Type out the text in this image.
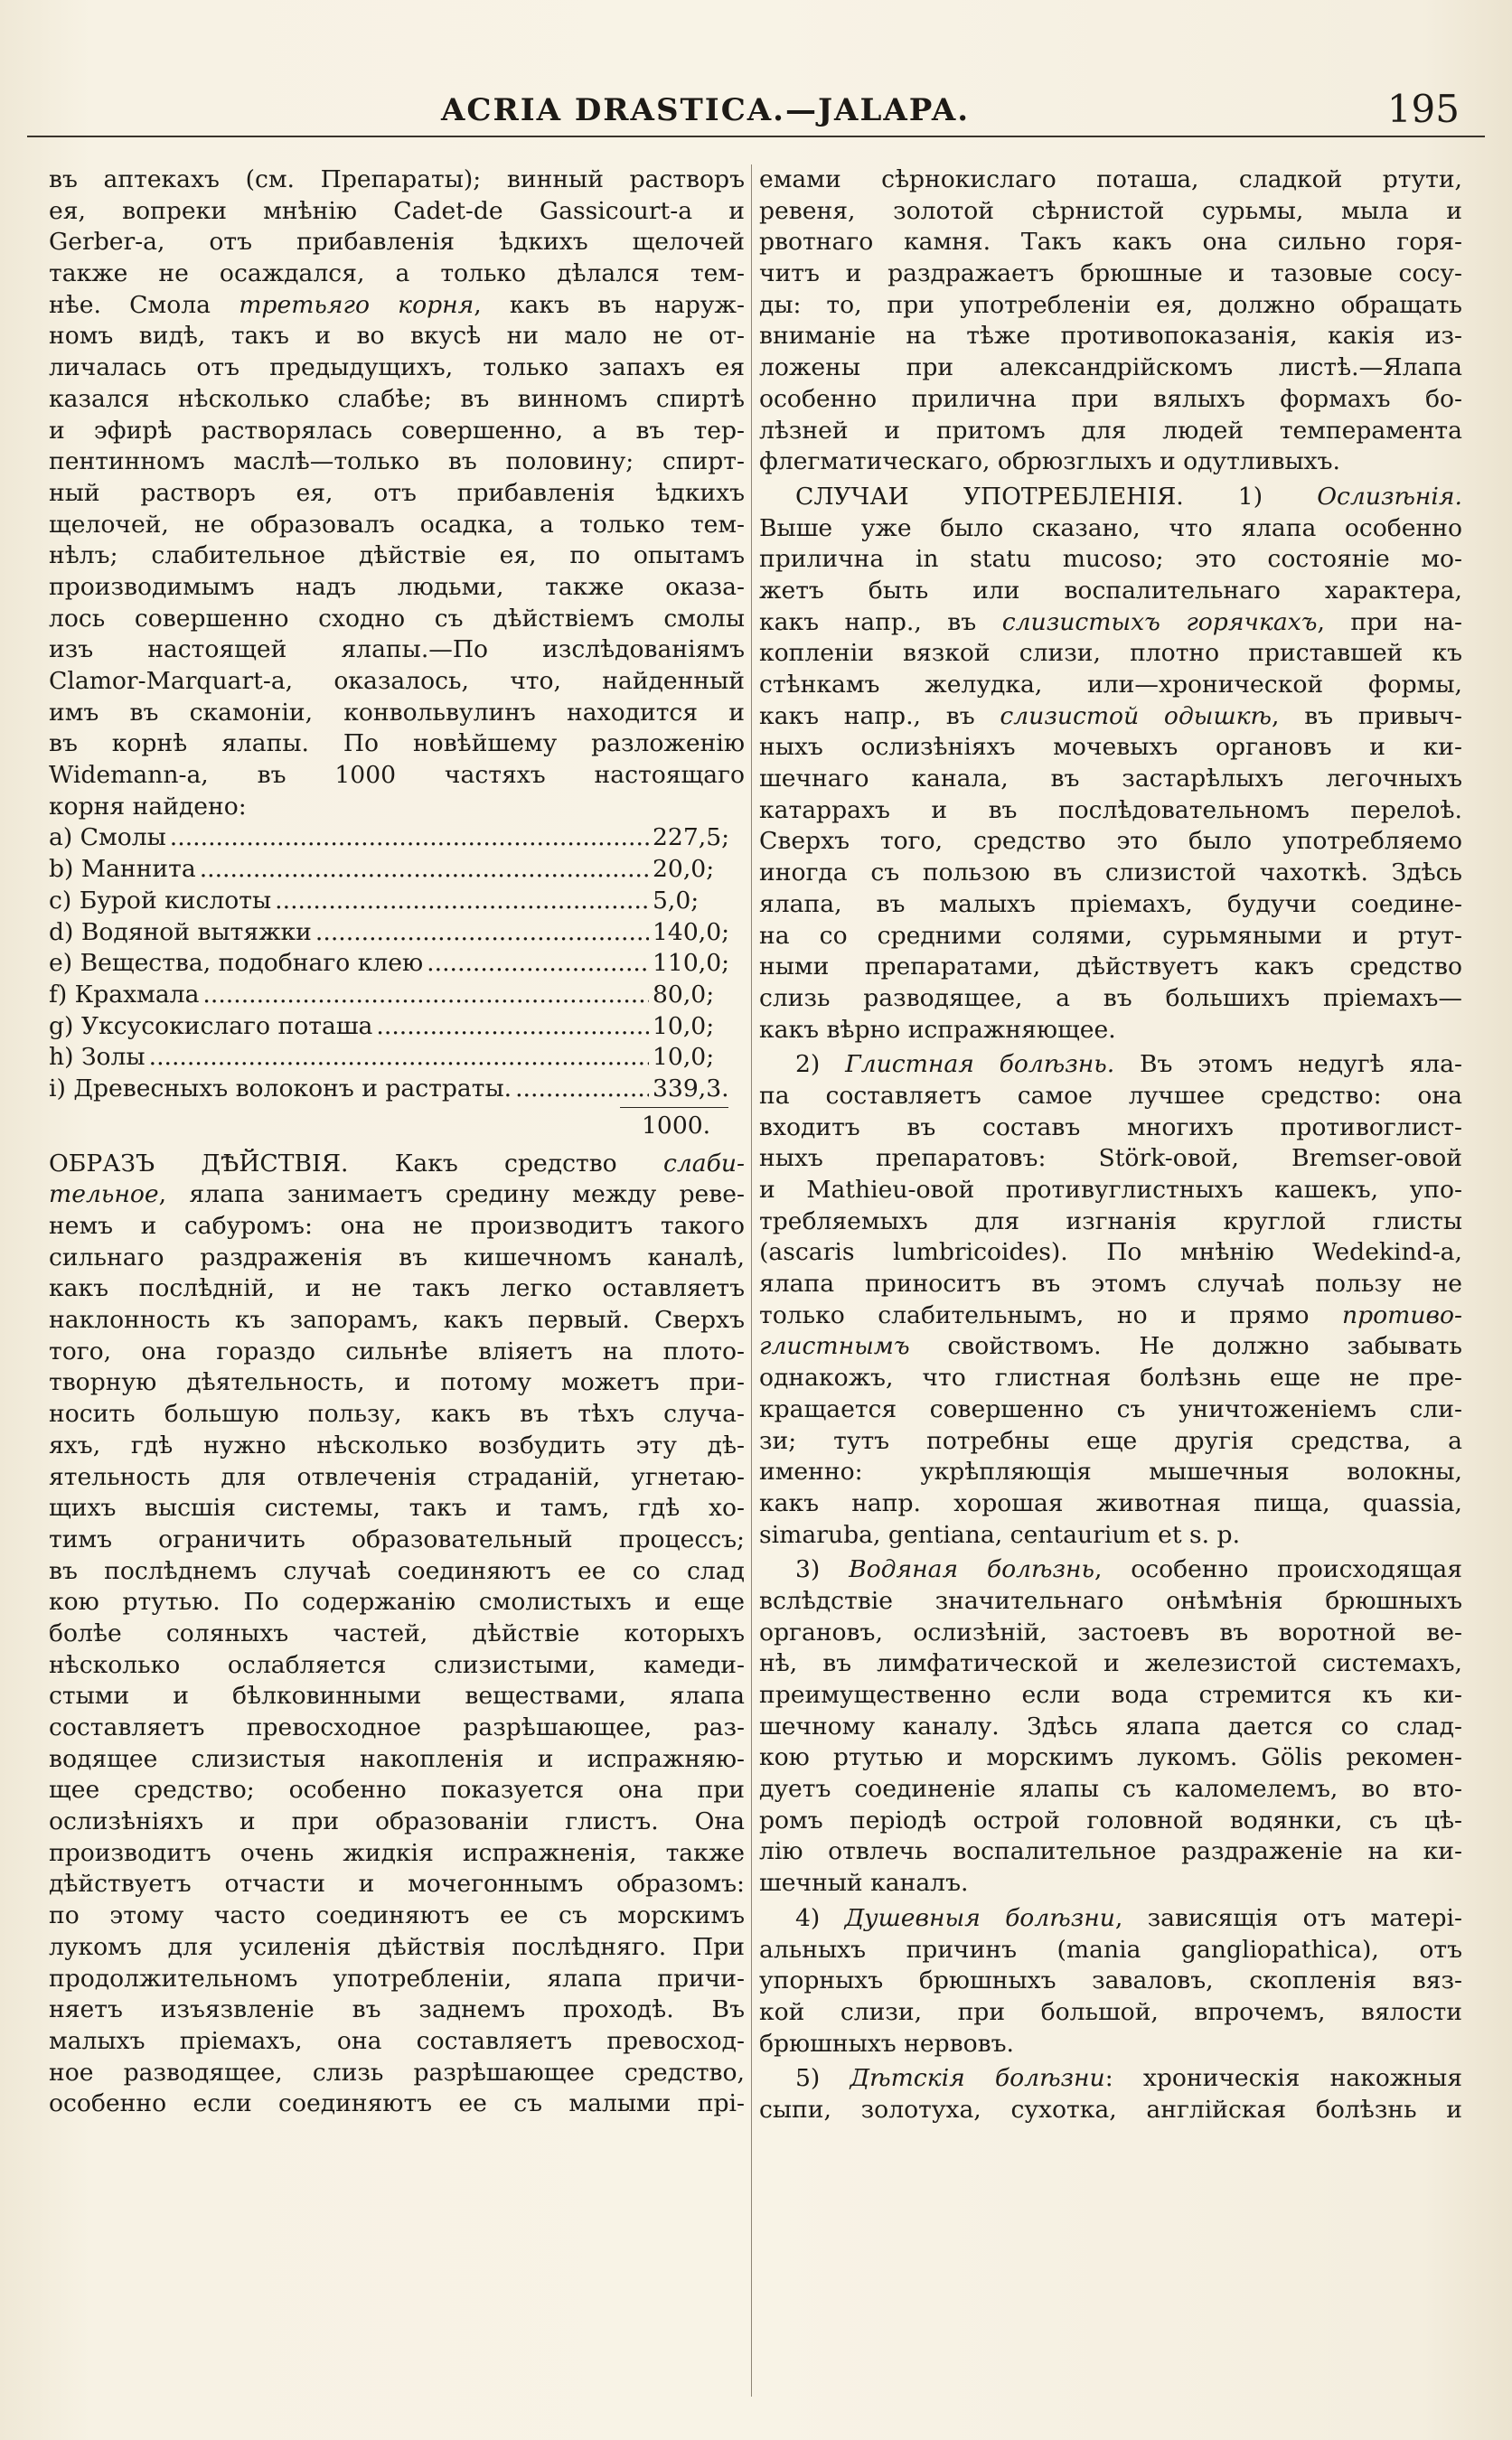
ACRIA DRASTICA.—JALAPA.	195
въ аптекахъ (см. Препараты); винный растворъ
ея, вопреки мнѣнію Cadet-de Gassicourt-a и
Gerber-a, отъ прибавленія ѣдкихъ щелочей
также не осаждался, а только дѣлался тем-
нѣе. Смола третьяго корня, какъ въ наруж-
номъ видѣ, такъ и во вкусѣ ни мало не от-
личалась отъ предыдущихъ, только запахъ ея
казался нѣсколько слабѣе; въ винномъ спиртѣ
и эфирѣ растворялась совершенно, а въ тер-
пентинномъ маслѣ—только въ половину; спирт-
ный растворъ ея, отъ прибавленія ѣдкихъ
щелочей, не образовалъ осадка, а только тем-
нѣлъ; слабительное дѣйствіе ея, по опытамъ
производимымъ надъ людьми, также оказа-
лось совершенно сходно съ дѣйствіемъ смолы
изъ настоящей ялапы.—По изслѣдованіямъ
Clamor-Marquart-a, оказалось, что, найденный
имъ въ скамоніи, конвольвулинъ находится и
въ корнѣ ялапы. По новѣйшему разложенію
Widemann-a, въ 1000 частяхъ настоящаго
корня найдено:
a) Смолы .....	227,5;
b) Маннита .....	20,0;
c) Бурой кислоты .....	5,0;
d) Водяной вытяжки .....	140,0;
e) Вещества, подобнаго клею .....	110,0;
f) Крахмала .....	80,0;
g) Уксусокислаго поташа .....	10,0;
h) Золы .....	10,0;
i) Древесныхъ волоконъ и растраты. .....	339,3.
1000.
ОБРАЗЪ ДѢЙСТВІЯ. Какъ средство слаби-
тельное, ялапа занимаетъ средину между ревe-
немъ и сабуромъ: она не производитъ такого
сильнаго раздраженія въ кишечномъ каналѣ,
какъ послѣдній, и не такъ легко оставляетъ
наклонность къ запорамъ, какъ первый. Сверхъ
того, она гораздо сильнѣе вліяетъ на плото-
творную дѣятельность, и потому можетъ при-
носить большую пользу, какъ въ тѣхъ случа-
яхъ, гдѣ нужно нѣсколько возбудить эту дѣ-
ятельность для отвлеченія страданій, угнетаю-
щихъ высшія системы, такъ и тамъ, гдѣ хо-
тимъ ограничить образовательный процессъ;
въ послѣднемъ случаѣ соединяютъ ее со слад
кою ртутью. По содержанію смолистыхъ и еще
болѣе соляныхъ частей, дѣйствіе которыхъ
нѣсколько ослабляется слизистыми, камеди-
стыми и бѣлковинными веществами, ялапа
составляетъ превосходное разрѣшающее, раз-
водящее слизистыя накопленія и испражняю-
щее средство; особенно показуется она при
ослизѣніяхъ и при образованіи глистъ. Она
производитъ очень жидкія испражненія, также
дѣйствуетъ отчасти и мочегоннымъ образомъ:
по этому часто соединяютъ ее съ морскимъ
лукомъ для усиленія дѣйствія послѣдняго. При
продолжительномъ употребленіи, ялапа причи-
няетъ изъязвленіе въ заднемъ проходѣ. Въ
малыхъ пріемахъ, она составляетъ превосход-
ное разводящее, слизь разрѣшающее средство,
особенно если соединяютъ ее съ малыми прі-
емами сѣрнокислаго поташа, сладкой ртути,
ревеня, золотой сѣрнистой сурьмы, мыла и
рвотнаго камня. Такъ какъ она сильно горя-
читъ и раздражаетъ брюшные и тазовые сосу-
ды: то, при употребленіи ея, должно обращать
вниманіе на тѣже противопоказанія, какія из-
ложены при александрійскомъ листѣ.—Ялапа
особенно прилична при вялыхъ формахъ бо-
лѣзней и притомъ для людей темперамента
флегматическаго, обрюзглыхъ и одутливыхъ.
СЛУЧАИ УПОТРЕБЛЕНІЯ. 1) Ослизѣнія.
Выше уже было сказано, что ялапа особенно
прилична in statu mucoso; это состояніе мо-
жетъ быть или воспалительнаго характера,
какъ напр., въ слизистыхъ горячкахъ, при на-
копленіи вязкой слизи, плотно приставшей къ
стѣнкамъ желудка, или—хронической формы,
какъ напр., въ слизистой одышкѣ, въ привыч-
ныхъ ослизѣніяхъ мочевыхъ органовъ и ки-
шечнаго канала, въ застарѣлыхъ легочныхъ
катаррахъ и въ послѣдовательномъ перелоѣ.
Сверхъ того, средство это было употребляемо
иногда съ пользою въ слизистой чахоткѣ. Здѣсь
ялапа, въ малыхъ пріемахъ, будучи соедине-
на со средними солями, сурьмяными и ртут-
ными препаратами, дѣйствуетъ какъ средство
слизь разводящее, а въ большихъ пріемахъ—
какъ вѣрно испражняющее.
2) Глистная болѣзнь. Въ этомъ недугѣ яла-
па составляетъ самое лучшее средство: она
входитъ въ составъ многихъ противоглист-
ныхъ препаратовъ: Störk-овой, Bremser-овой
и Mathieu-овой противуглистныхъ кашекъ, упо-
требляемыхъ для изгнанія круглой глисты
(ascaris lumbricoides). По мнѣнію Wedekind-a,
ялапа приноситъ въ этомъ случаѣ пользу не
только слабительнымъ, но и прямо противо-
глистнымъ свойствомъ. Не должно забывать
однакожъ, что глистная болѣзнь еще не пре-
кращается совершенно съ уничтоженіемъ сли-
зи; тутъ потребны еще другія средства, а
именно: укрѣпляющія мышечныя волокны,
какъ напр. хорошая животная пища, quassia,
simaruba, gentiana, centaurium et s. p.
3) Водяная болѣзнь, особенно происходящая
вслѣдствіе значительнаго онѣмѣнія брюшныхъ
органовъ, ослизѣній, застоевъ въ воротной ве-
нѣ, въ лимфатической и железистой системахъ,
преимущественно если вода стремится къ ки-
шечному каналу. Здѣсь ялапа дается со слад-
кою ртутью и морскимъ лукомъ. Gölis рекомен-
дуетъ соединеніе ялапы съ каломелемъ, во вто-
ромъ періодѣ острой головной водянки, съ цѣ-
лію отвлечь воспалительное раздраженіе на ки-
шечный каналъ.
4) Душевныя болѣзни, зависящія отъ матері-
альныхъ причинъ (mania gangliopathica), отъ
упорныхъ брюшныхъ заваловъ, скопленія вяз-
кой слизи, при большой, впрочемъ, вялости
брюшныхъ нервовъ.
5) Дѣтскія болѣзни: хроническія накожныя
сыпи, золотуха, сухотка, англійская болѣзнь и
